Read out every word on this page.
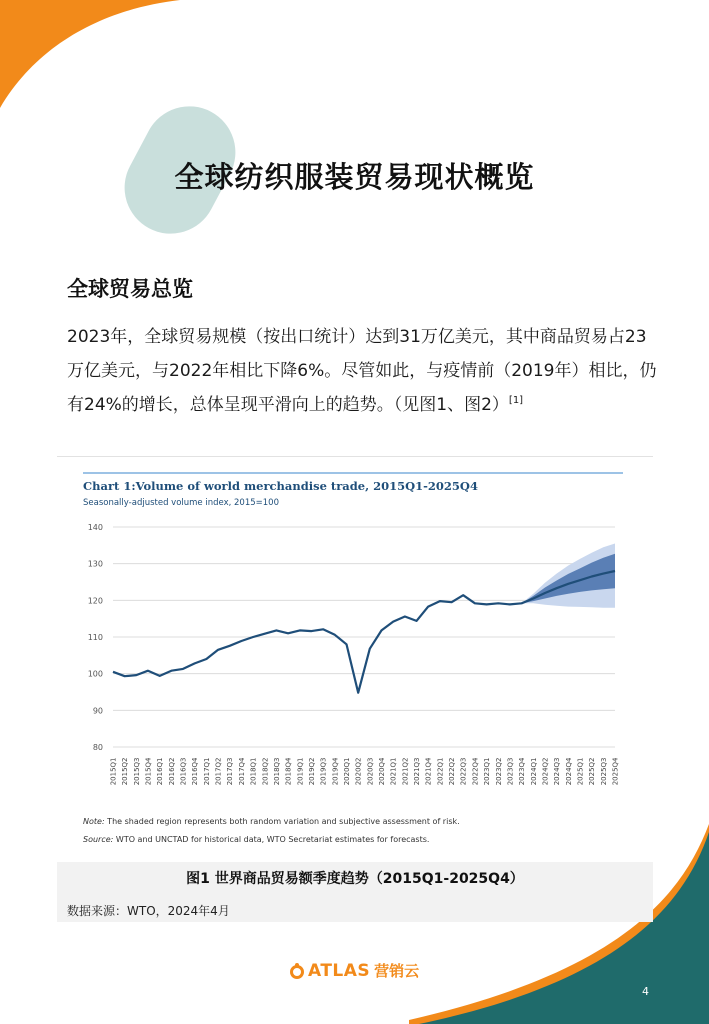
全球纺织服装贸易现状概览
全球贸易总览
2023年，全球贸易规模（按出口统计）达到31万亿美元，其中商品贸易占23万亿美元，与2022年相比下降6%。尽管如此，与疫情前（2019年）相比，仍有24%的增长，总体呈现平滑向上的趋势。（见图1、图2）[1]
Chart 1:Volume of world merchandise trade, 2015Q1-2025Q4
Seasonally-adjusted volume index, 2015=100
80
90
100
110
120
130
140
2015Q1 2015Q2 2015Q3 2015Q4 2016Q1 2016Q2 2016Q3 2016Q4 2017Q1 2017Q2 2017Q3 2017Q4 2018Q1 2018Q2 2018Q3 2018Q4 2019Q1 2019Q2 2019Q3 2019Q4 2020Q1 2020Q2 2020Q3 2020Q4 2021Q1 2021Q2 2021Q3 2021Q4 2022Q1 2022Q2 2022Q3 2022Q4 2023Q1 2023Q2 2023Q3 2023Q4 2024Q1 2024Q2 2024Q3 2024Q4 2025Q1 2025Q2 2025Q3 2025Q4
Note: The shaded region represents both random variation and subjective assessment of risk.
Source: WTO and UNCTAD for historical data, WTO Secretariat estimates for forecasts.
图1 世界商品贸易额季度趋势（2015Q1-2025Q4）
数据来源：WTO，2024年4月
ATLAS 营销云
4
